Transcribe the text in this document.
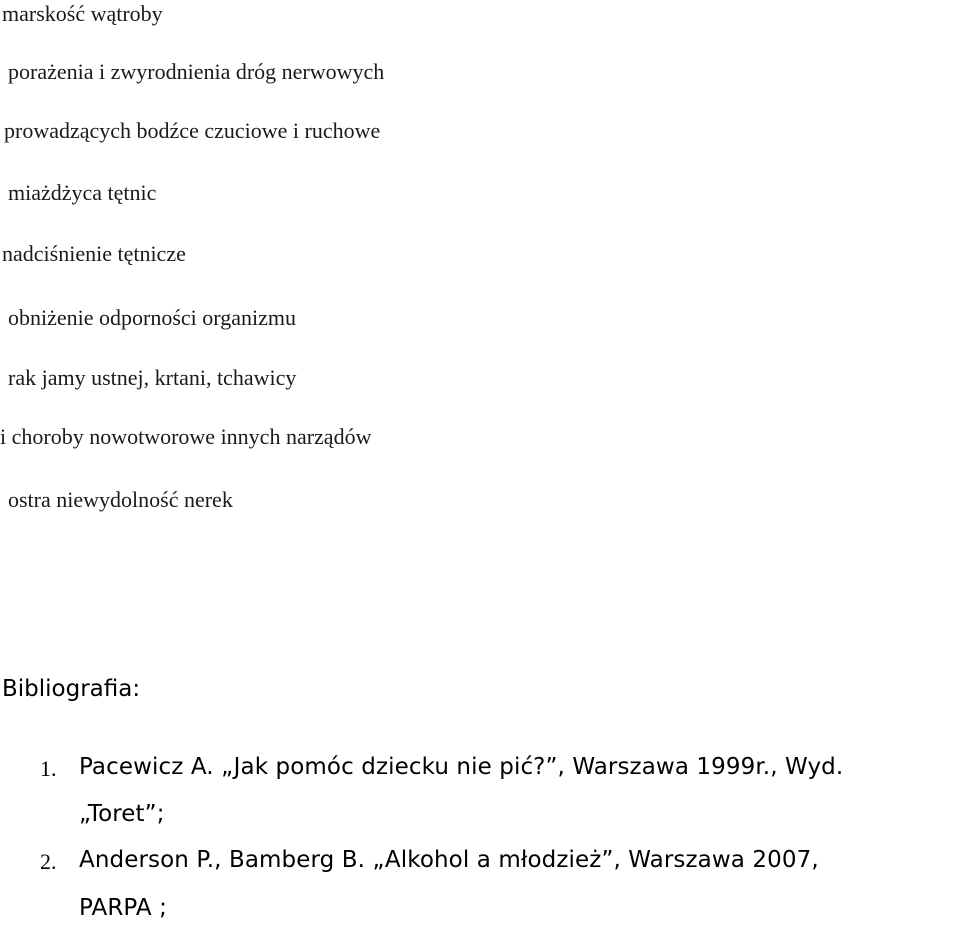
marskość wątroby
porażenia i zwyrodnienia dróg nerwowych
prowadzących bodźce czuciowe i ruchowe
miażdżyca tętnic
nadciśnienie tętnicze
obniżenie odporności organizmu
rak jamy ustnej, krtani, tchawicy
i choroby nowotworowe innych narządów
ostra niewydolność nerek
Bibliografia:
1. Pacewicz A. „Jak pomóc dziecku nie pić?”, Warszawa 1999r., Wyd.
„Toret”;
2. Anderson P., Bamberg B. „Alkohol a młodzież”, Warszawa 2007,
PARPA ;
